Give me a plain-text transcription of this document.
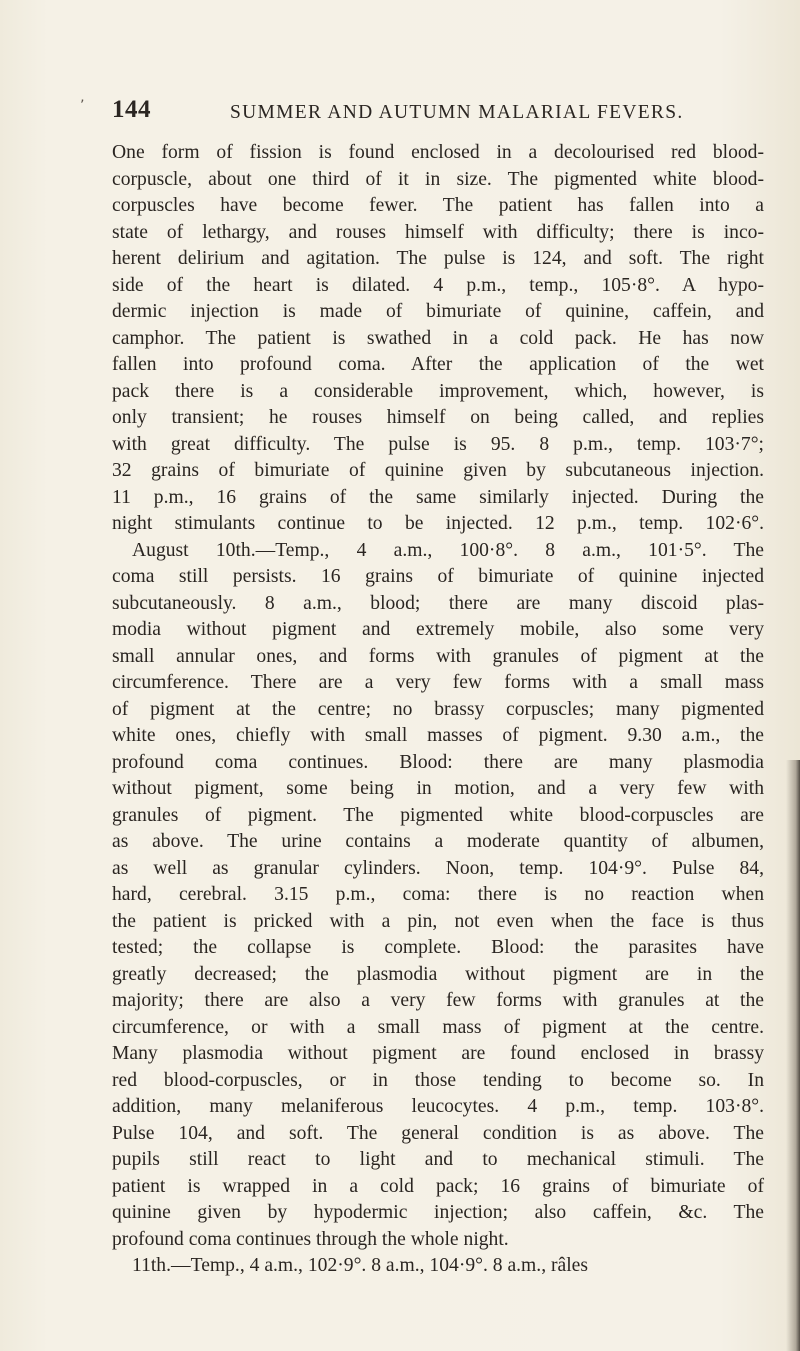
’ 144	SUMMER AND AUTUMN MALARIAL FEVERS.
One form of fission is found enclosed in a decolourised red blood-
corpuscle, about one third of it in size. The pigmented white blood-
corpuscles have become fewer. The patient has fallen into a
state of lethargy, and rouses himself with difficulty; there is inco-
herent delirium and agitation. The pulse is 124, and soft. The right
side of the heart is dilated. 4 p.m., temp., 105·8°. A hypo-
dermic injection is made of bimuriate of quinine, caffein, and
camphor. The patient is swathed in a cold pack. He has now
fallen into profound coma. After the application of the wet
pack there is a considerable improvement, which, however, is
only transient; he rouses himself on being called, and replies
with great difficulty. The pulse is 95. 8 p.m., temp. 103·7°;
32 grains of bimuriate of quinine given by subcutaneous injection.
11 p.m., 16 grains of the same similarly injected. During the
night stimulants continue to be injected. 12 p.m., temp. 102·6°.
August 10th.—Temp., 4 a.m., 100·8°. 8 a.m., 101·5°. The
coma still persists. 16 grains of bimuriate of quinine injected
subcutaneously. 8 a.m., blood; there are many discoid plas-
modia without pigment and extremely mobile, also some very
small annular ones, and forms with granules of pigment at the
circumference. There are a very few forms with a small mass
of pigment at the centre; no brassy corpuscles; many pigmented
white ones, chiefly with small masses of pigment. 9.30 a.m., the
profound coma continues. Blood: there are many plasmodia
without pigment, some being in motion, and a very few with
granules of pigment. The pigmented white blood-corpuscles are
as above. The urine contains a moderate quantity of albumen,
as well as granular cylinders. Noon, temp. 104·9°. Pulse 84,
hard, cerebral. 3.15 p.m., coma: there is no reaction when
the patient is pricked with a pin, not even when the face is thus
tested; the collapse is complete. Blood: the parasites have
greatly decreased; the plasmodia without pigment are in the
majority; there are also a very few forms with granules at the
circumference, or with a small mass of pigment at the centre.
Many plasmodia without pigment are found enclosed in brassy
red blood-corpuscles, or in those tending to become so. In
addition, many melaniferous leucocytes. 4 p.m., temp. 103·8°.
Pulse 104, and soft. The general condition is as above. The
pupils still react to light and to mechanical stimuli. The
patient is wrapped in a cold pack; 16 grains of bimuriate of
quinine given by hypodermic injection; also caffein, &c. The
profound coma continues through the whole night.
11th.—Temp., 4 a.m., 102·9°. 8 a.m., 104·9°. 8 a.m., râles
